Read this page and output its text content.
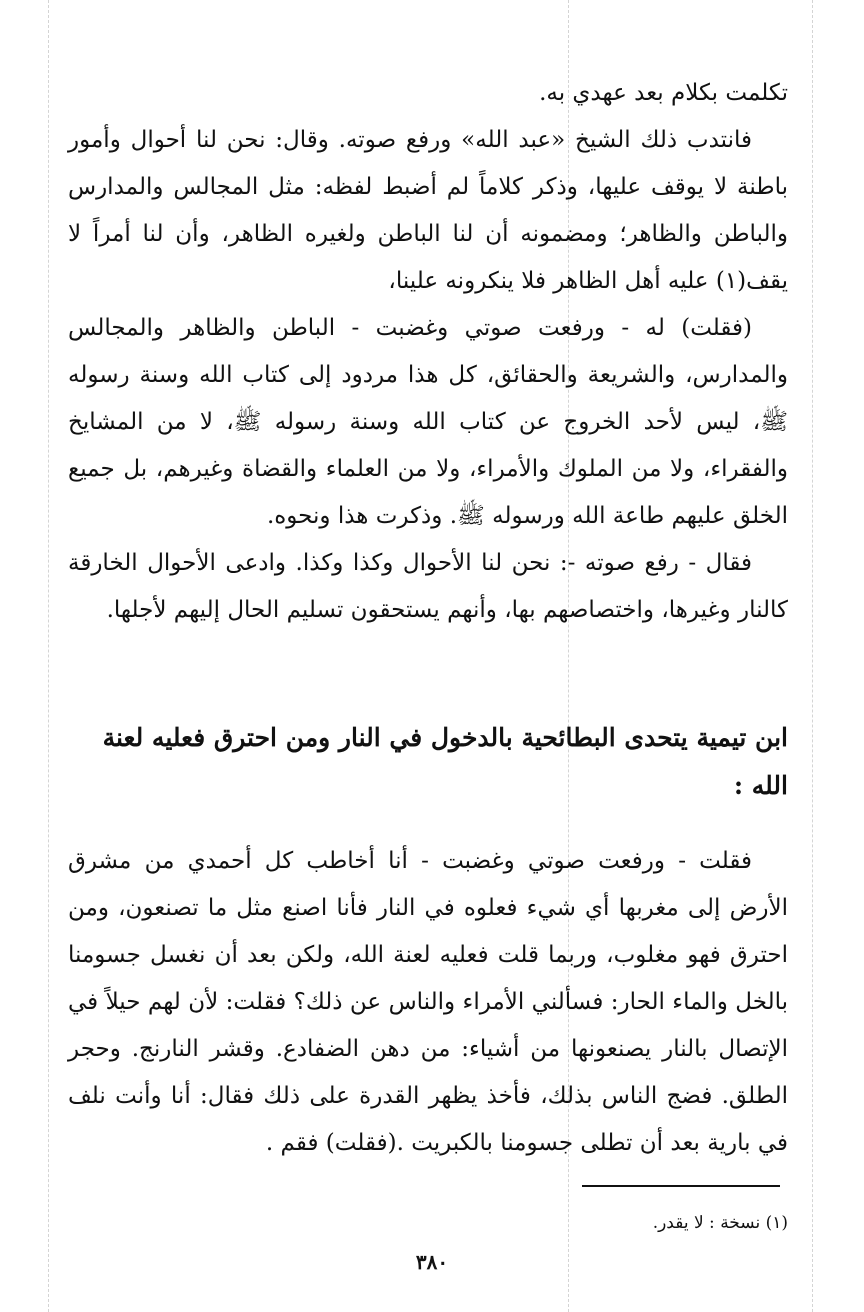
تكلمت بكلام بعد عهدي به.

فانتدب ذلك الشيخ «عبد الله» ورفع صوته. وقال: نحن لنا أحوال وأمور باطنة لا يوقف عليها، وذكر كلاماً لم أضبط لفظه: مثل المجالس والمدارس والباطن والظاهر؛ ومضمونه أن لنا الباطن ولغيره الظاهر، وأن لنا أمراً لا يقف(١) عليه أهل الظاهر فلا ينكرونه علينا،

(فقلت) له - ورفعت صوتي وغضبت - الباطن والظاهر والمجالس والمدارس، والشريعة والحقائق، كل هذا مردود إلى كتاب الله وسنة رسوله ﷺ، ليس لأحد الخروج عن كتاب الله وسنة رسوله ﷺ، لا من المشايخ والفقراء، ولا من الملوك والأمراء، ولا من العلماء والقضاة وغيرهم، بل جميع الخلق عليهم طاعة الله ورسوله ﷺ. وذكرت هذا ونحوه.

فقال - رفع صوته -: نحن لنا الأحوال وكذا وكذا. وادعى الأحوال الخارقة كالنار وغيرها، واختصاصهم بها، وأنهم يستحقون تسليم الحال إليهم لأجلها.

ابن تيمية يتحدى البطائحية بالدخول في النار ومن احترق فعليه لعنة الله :

فقلت - ورفعت صوتي وغضبت - أنا أخاطب كل أحمدي من مشرق الأرض إلى مغربها أي شيء فعلوه في النار فأنا اصنع مثل ما تصنعون، ومن احترق فهو مغلوب، وربما قلت فعليه لعنة الله، ولكن بعد أن نغسل جسومنا بالخل والماء الحار: فسألني الأمراء والناس عن ذلك؟ فقلت: لأن لهم حيلاً في الإتصال بالنار يصنعونها من أشياء: من دهن الضفادع. وقشر النارنج. وحجر الطلق. فضج الناس بذلك، فأخذ يظهر القدرة على ذلك فقال: أنا وأنت نلف في بارية بعد أن تطلى جسومنا بالكبريت .(فقلت) فقم .

(١) نسخة : لا يقدر.
٣٨٠
